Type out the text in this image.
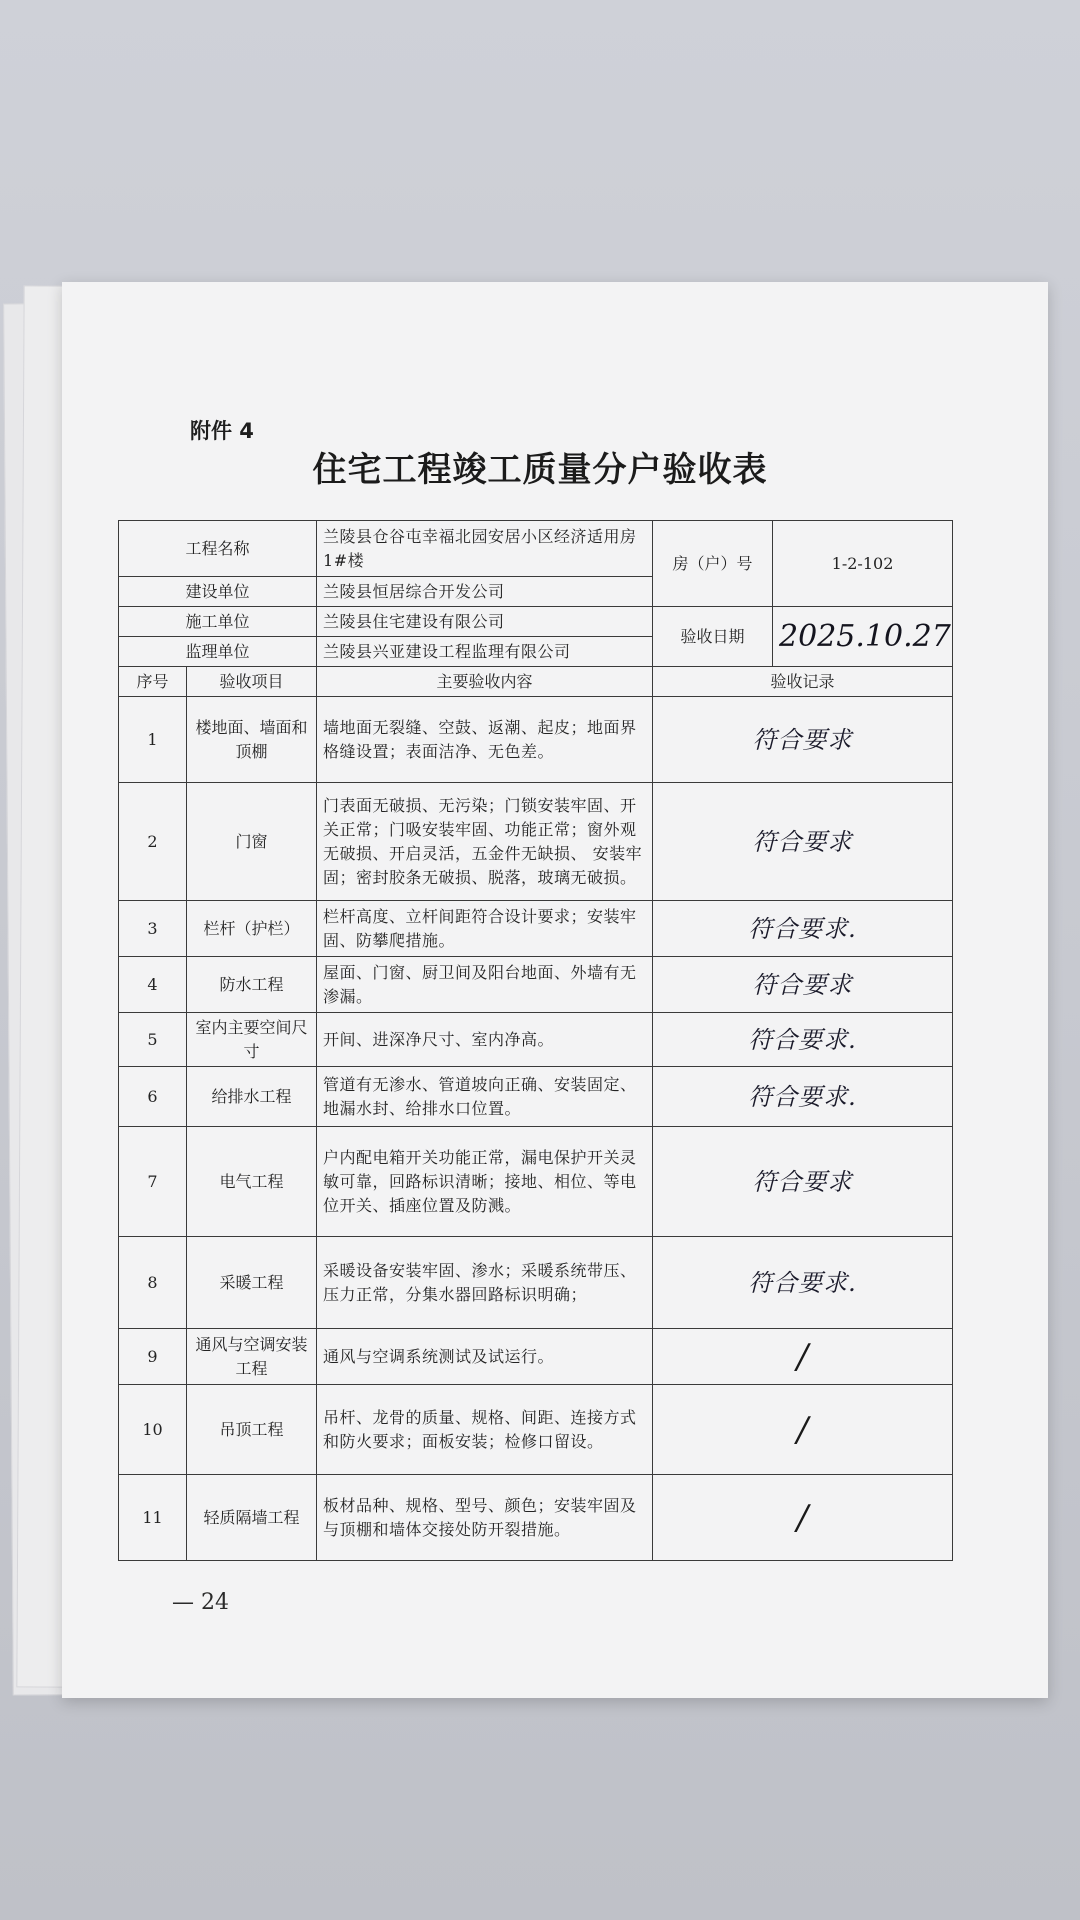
附件 4
住宅工程竣工质量分户验收表
工程名称		兰陵县仓谷屯幸福北园安居小区经济适用房1#楼	房（户）号	1-2-102
建设单位		兰陵县恒居综合开发公司		
施工单位		兰陵县住宅建设有限公司	验收日期	2025.10.27
监理单位		兰陵县兴亚建设工程监理有限公司		
序号	验收项目	主要验收内容	验收记录	
1	楼地面、墙面和顶棚	墙地面无裂缝、空鼓、返潮、起皮；地面界格缝设置；表面洁净、无色差。	符合要求	
2	门窗	门表面无破损、无污染；门锁安装牢固、开关正常；门吸安装牢固、功能正常；窗外观无破损、开启灵活，五金件无缺损、 安装牢固；密封胶条无破损、脱落，玻璃无破损。	符合要求	
3	栏杆（护栏）	栏杆高度、立杆间距符合设计要求；安装牢固、防攀爬措施。	符合要求.	
4	防水工程	屋面、门窗、厨卫间及阳台地面、外墙有无渗漏。	符合要求	
5	室内主要空间尺寸	开间、进深净尺寸、室内净高。	符合要求.	
6	给排水工程	管道有无渗水、管道坡向正确、安装固定、地漏水封、给排水口位置。	符合要求.	
7	电气工程	户内配电箱开关功能正常，漏电保护开关灵敏可靠，回路标识清晰；接地、相位、等电位开关、插座位置及防溅。	符合要求	
8	采暖工程	采暖设备安装牢固、渗水；采暖系统带压、压力正常，分集水器回路标识明确；	符合要求.	
9	通风与空调安装工程	通风与空调系统测试及试运行。	/	
10	吊顶工程	吊杆、龙骨的质量、规格、间距、连接方式和防火要求；面板安装；检修口留设。	/	
11	轻质隔墙工程	板材品种、规格、型号、颜色；安装牢固及与顶棚和墙体交接处防开裂措施。	/	
— 24
